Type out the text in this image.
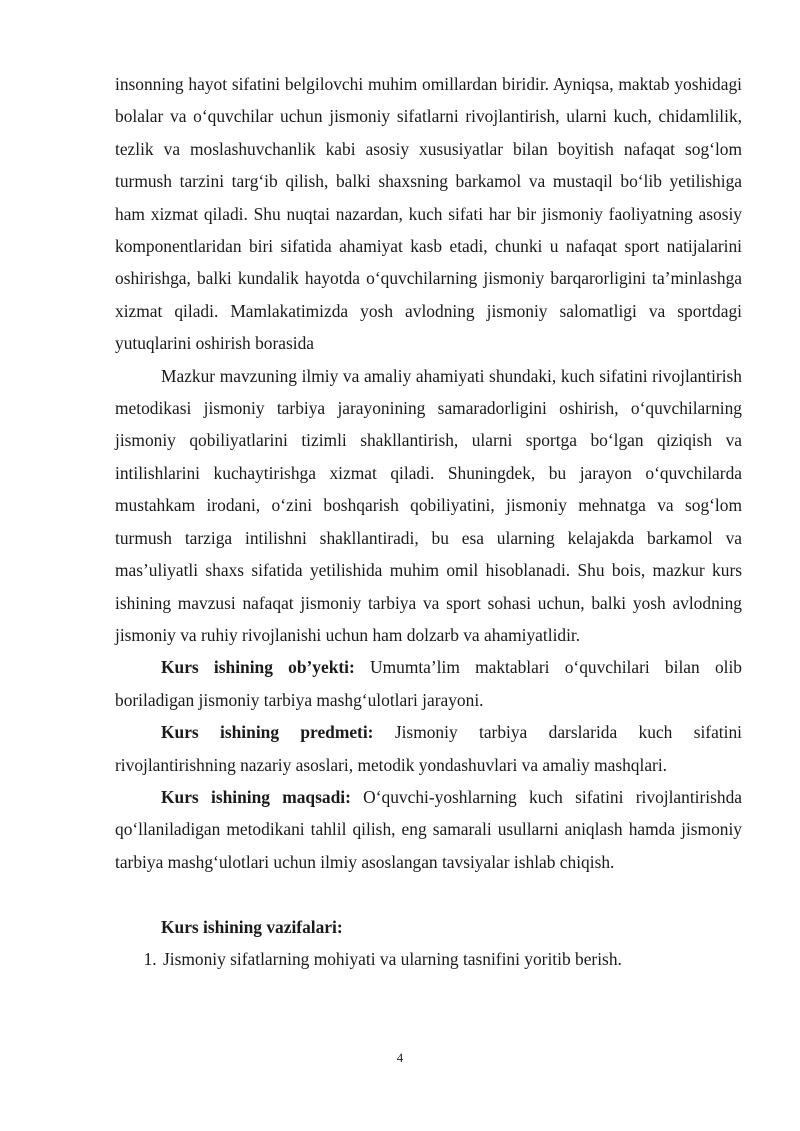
insonning hayot sifatini belgilovchi muhim omillardan biridir. Ayniqsa, maktab yoshidagi bolalar va o‘quvchilar uchun jismoniy sifatlarni rivojlantirish, ularni kuch, chidamlilik, tezlik va moslashuvchanlik kabi asosiy xususiyatlar bilan boyitish nafaqat sog‘lom turmush tarzini targ‘ib qilish, balki shaxsning barkamol va mustaqil bo‘lib yetilishiga ham xizmat qiladi. Shu nuqtai nazardan, kuch sifati har bir jismoniy faoliyatning asosiy komponentlaridan biri sifatida ahamiyat kasb etadi, chunki u nafaqat sport natijalarini oshirishga, balki kundalik hayotda o‘quvchilarning jismoniy barqarorligini ta’minlashga xizmat qiladi. Mamlakatimizda yosh avlodning jismoniy salomatligi va sportdagi yutuqlarini oshirish borasida

Mazkur mavzuning ilmiy va amaliy ahamiyati shundaki, kuch sifatini rivojlantirish metodikasi jismoniy tarbiya jarayonining samaradorligini oshirish, o‘quvchilarning jismoniy qobiliyatlarini tizimli shakllantirish, ularni sportga bo‘lgan qiziqish va intilishlarini kuchaytirishga xizmat qiladi. Shuningdek, bu jarayon o‘quvchilarda mustahkam irodani, o‘zini boshqarish qobiliyatini, jismoniy mehnatga va sog‘lom turmush tarziga intilishni shakllantiradi, bu esa ularning kelajakda barkamol va mas’uliyatli shaxs sifatida yetilishida muhim omil hisoblanadi. Shu bois, mazkur kurs ishining mavzusi nafaqat jismoniy tarbiya va sport sohasi uchun, balki yosh avlodning jismoniy va ruhiy rivojlanishi uchun ham dolzarb va ahamiyatlidir.

Kurs ishining ob’yekti: Umumta’lim maktablari o‘quvchilari bilan olib boriladigan jismoniy tarbiya mashg‘ulotlari jarayoni.

Kurs ishining predmeti: Jismoniy tarbiya darslarida kuch sifatini rivojlantirishning nazariy asoslari, metodik yondashuvlari va amaliy mashqlari.

Kurs ishining maqsadi: O‘quvchi-yoshlarning kuch sifatini rivojlantirishda qo‘llaniladigan metodikani tahlil qilish, eng samarali usullarni aniqlash hamda jismoniy tarbiya mashg‘ulotlari uchun ilmiy asoslangan tavsiyalar ishlab chiqish.

Kurs ishining vazifalari:

1. Jismoniy sifatlarning mohiyati va ularning tasnifini yoritib berish.
4
